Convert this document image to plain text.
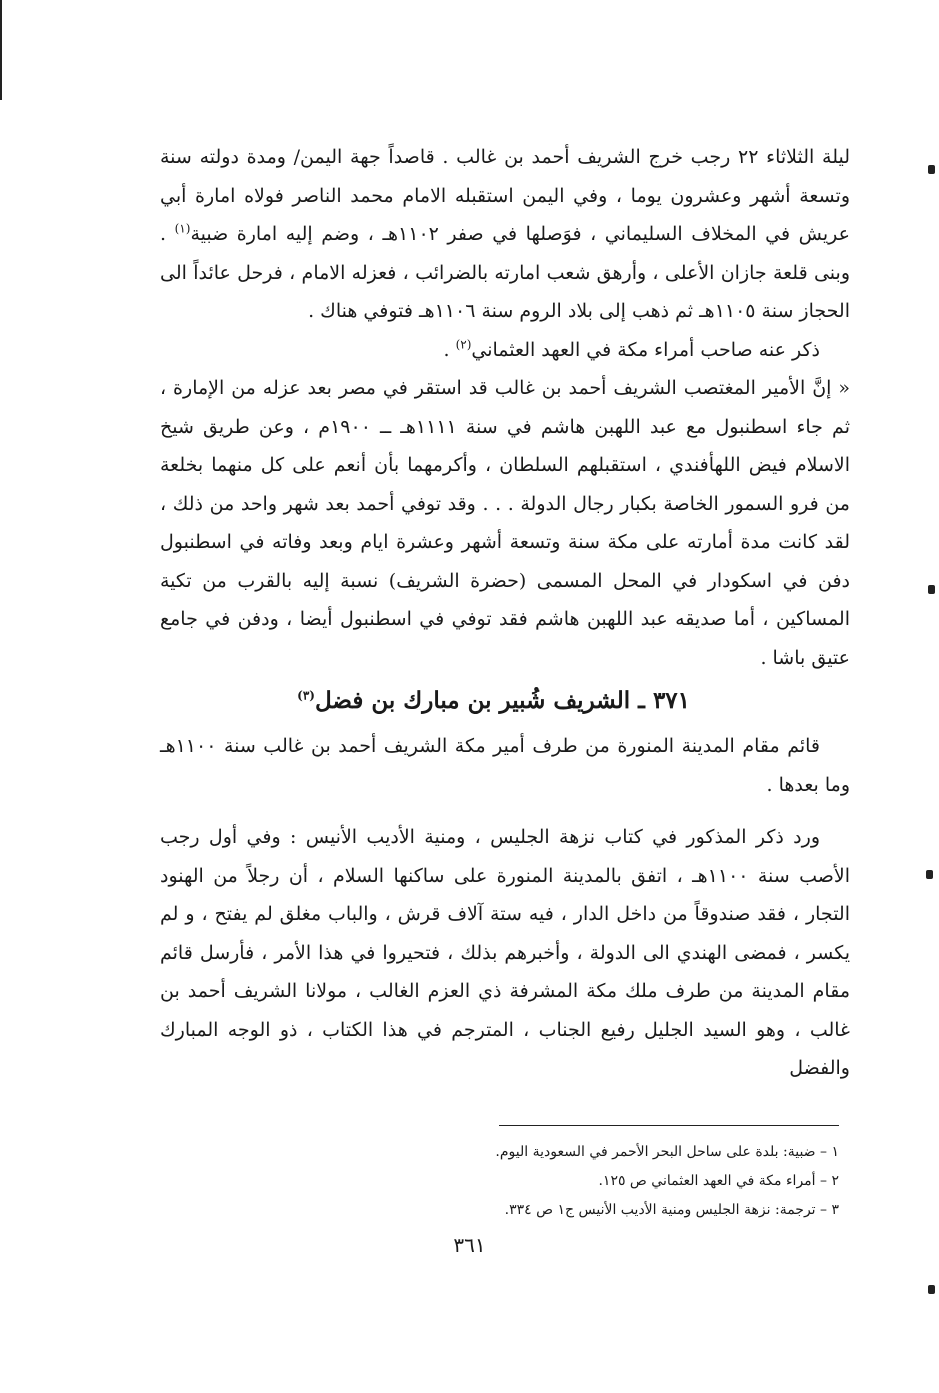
ليلة الثلاثاء ٢٢ رجب خرج الشريف أحمد بن غالب . قاصداً جهة اليمن/ ومدة دولته سنة وتسعة أشهر وعشرون يوما ، وفي اليمن استقبله الامام محمد الناصر فولاه امارة أبي عريش في المخلاف السليماني ، فوَصلها في صفر ١١٠٢هـ ، وضم إليه امارة ضبية$^{(١)}$ . وبنى قلعة جازان الأعلى ، وأرهق شعب امارته بالضرائب ، فعزله الامام ، فرحل عائداً الى الحجاز سنة ١١٠٥هـ ثم ذهب إلى بلاد الروم سنة ١١٠٦هـ فتوفي هناك .

ذكر عنه صاحب أمراء مكة في العهد العثماني$^{(٢)}$ .

« إنَّ الأمير المغتصب الشريف أحمد بن غالب قد استقر في مصر بعد عزله من الإمارة ، ثم جاء اسطنبول مع عبد اللهبن هاشم في سنة ١١١١هـ ــ ١٩٠٠م ، وعن طريق شيخ الاسلام فيض اللهأفندي ، استقبلهم السلطان ، وأكرمهما بأن أنعم على كل منهما بخلعة من فرو السمور الخاصة بكبار رجال الدولة . . . وقد توفي أحمد بعد شهر واحد من ذلك ، لقد كانت مدة أمارته على مكة سنة وتسعة أشهر وعشرة ايام وبعد وفاته في اسطنبول دفن في اسكودار في المحل المسمى (حضرة الشريف) نسبة إليه بالقرب من تكية المساكين ، أما صديقه عبد اللهبن هاشم فقد توفي في اسطنبول أيضا ، ودفن في جامع عتيق باشا .

٣٧١ ـ الشريف شُبير بن مبارك بن فضل$^{(٣)}$

قائم مقام المدينة المنورة من طرف أمير مكة الشريف أحمد بن غالب سنة ١١٠٠هـ وما بعدها .

ورد ذكر المذكور في كتاب نزهة الجليس ، ومنية الأديب الأنيس : وفي أول رجب الأصب سنة ١١٠٠هـ ، اتفق بالمدينة المنورة على ساكنها السلام ، أن رجلاً من الهنود التجار ، فقد صندوقاً من داخل الدار ، فيه ستة آلاف قرش ، والباب مغلق لم يفتح ، و لم يكسر ، فمضى الهندي الى الدولة ، وأخبرهم بذلك ، فتحيروا في هذا الأمر ، فأرسل قائم مقام المدينة من طرف ملك مكة المشرفة ذي العزم الغالب ، مولانا الشريف أحمد بن غالب ، وهو السيد الجليل رفيع الجناب ، المترجم في هذا الكتاب ، ذو الوجه المبارك والفضل

١ – ضبية: بلدة على ساحل البحر الأحمر في السعودية اليوم.

٢ – أمراء مكة في العهد العثماني ص ١٢٥.

٣ – ترجمة: نزهة الجليس ومنية الأديب الأنيس ج١ ص ٣٣٤.

٣٦١
